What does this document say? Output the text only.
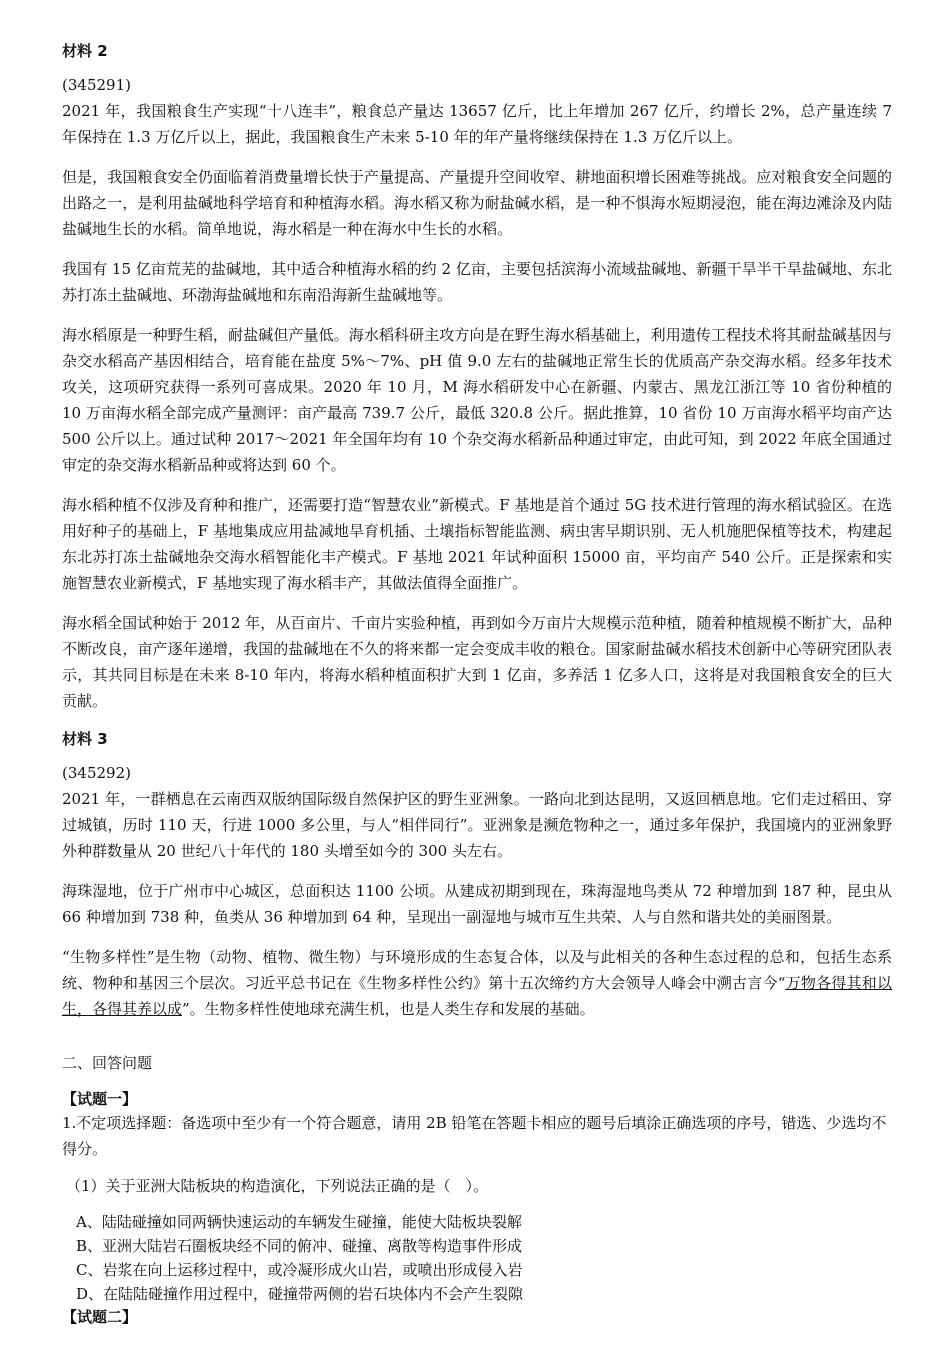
材料 2
(345291)

2021 年，我国粮食生产实现“十八连丰”，粮食总产量达 13657 亿斤，比上年增加 267 亿斤，约增长 2%，总产量连续 7 年保持在 1.3 万亿斤以上，据此，我国粮食生产未来 5-10 年的年产量将继续保持在 1.3 万亿斤以上。

但是，我国粮食安全仍面临着消费量增长快于产量提高、产量提升空间收窄、耕地面积增长困难等挑战。应对粮食安全问题的出路之一，是利用盐碱地科学培育和种植海水稻。海水稻又称为耐盐碱水稻，是一种不惧海水短期浸泡，能在海边滩涂及内陆盐碱地生长的水稻。简单地说，海水稻是一种在海水中生长的水稻。

我国有 15 亿亩荒芜的盐碱地，其中适合种植海水稻的约 2 亿亩，主要包括滨海小流域盐碱地、新疆干旱半干旱盐碱地、东北苏打冻土盐碱地、环渤海盐碱地和东南沿海新生盐碱地等。

海水稻原是一种野生稻，耐盐碱但产量低。海水稻科研主攻方向是在野生海水稻基础上，利用遗传工程技术将其耐盐碱基因与杂交水稻高产基因相结合，培育能在盐度 5%～7%、pH 值 9.0 左右的盐碱地正常生长的优质高产杂交海水稻。经多年技术攻关，这项研究获得一系列可喜成果。2020 年 10 月，M 海水稻研发中心在新疆、内蒙古、黑龙江浙江等 10 省份种植的 10 万亩海水稻全部完成产量测评：亩产最高 739.7 公斤，最低 320.8 公斤。据此推算，10 省份 10 万亩海水稻平均亩产达 500 公斤以上。通过试种 2017～2021 年全国年均有 10 个杂交海水稻新品种通过审定，由此可知，到 2022 年底全国通过审定的杂交海水稻新品种或将达到 60 个。

海水稻种植不仅涉及育种和推广，还需要打造“智慧农业”新模式。F 基地是首个通过 5G 技术进行管理的海水稻试验区。在选用好种子的基础上，F 基地集成应用盐减地旱育机插、土壤指标智能监测、病虫害早期识别、无人机施肥保植等技术，构建起东北苏打冻土盐碱地杂交海水稻智能化丰产模式。F 基地 2021 年试种面积 15000 亩，平均亩产 540 公斤。正是探索和实施智慧农业新模式，F 基地实现了海水稻丰产，其做法值得全面推广。

海水稻全国试种始于 2012 年，从百亩片、千亩片实验种植，再到如今万亩片大规模示范种植，随着种植规模不断扩大，品种不断改良，亩产逐年递增，我国的盐碱地在不久的将来都一定会变成丰收的粮仓。国家耐盐碱水稻技术创新中心等研究团队表示，其共同目标是在未来 8-10 年内，将海水稻种植面积扩大到 1 亿亩，多养活 1 亿多人口，这将是对我国粮食安全的巨大贡献。

材料 3
(345292)

2021 年，一群栖息在云南西双版纳国际级自然保护区的野生亚洲象。一路向北到达昆明，又返回栖息地。它们走过稻田、穿过城镇，历时 110 天，行进 1000 多公里，与人“相伴同行”。亚洲象是濒危物种之一，通过多年保护，我国境内的亚洲象野外种群数量从 20 世纪八十年代的 180 头增至如今的 300 头左右。

海珠湿地，位于广州市中心城区，总面积达 1100 公顷。从建成初期到现在，珠海湿地鸟类从 72 种增加到 187 种，昆虫从 66 种增加到 738 种，鱼类从 36 种增加到 64 种，呈现出一副湿地与城市互生共荣、人与自然和谐共处的美丽图景。

“生物多样性”是生物（动物、植物、微生物）与环境形成的生态复合体，以及与此相关的各种生态过程的总和，包括生态系统、物种和基因三个层次。习近平总书记在《生物多样性公约》第十五次缔约方大会领导人峰会中溯古言今“万物各得其和以生，各得其养以成”。生物多样性使地球充满生机，也是人类生存和发展的基础。

二、回答问题
【试题一】

1.不定项选择题：备选项中至少有一个符合题意，请用 2B 铅笔在答题卡相应的题号后填涂正确选项的序号，错选、少选均不得分。

（1）关于亚洲大陆板块的构造演化，下列说法正确的是（　）。

A、陆陆碰撞如同两辆快速运动的车辆发生碰撞，能使大陆板块裂解
B、亚洲大陆岩石圈板块经不同的俯冲、碰撞、离散等构造事件形成
C、岩浆在向上运移过程中，或冷凝形成火山岩，或喷出形成侵入岩
D、在陆陆碰撞作用过程中，碰撞带两侧的岩石块体内不会产生裂隙
【试题二】
